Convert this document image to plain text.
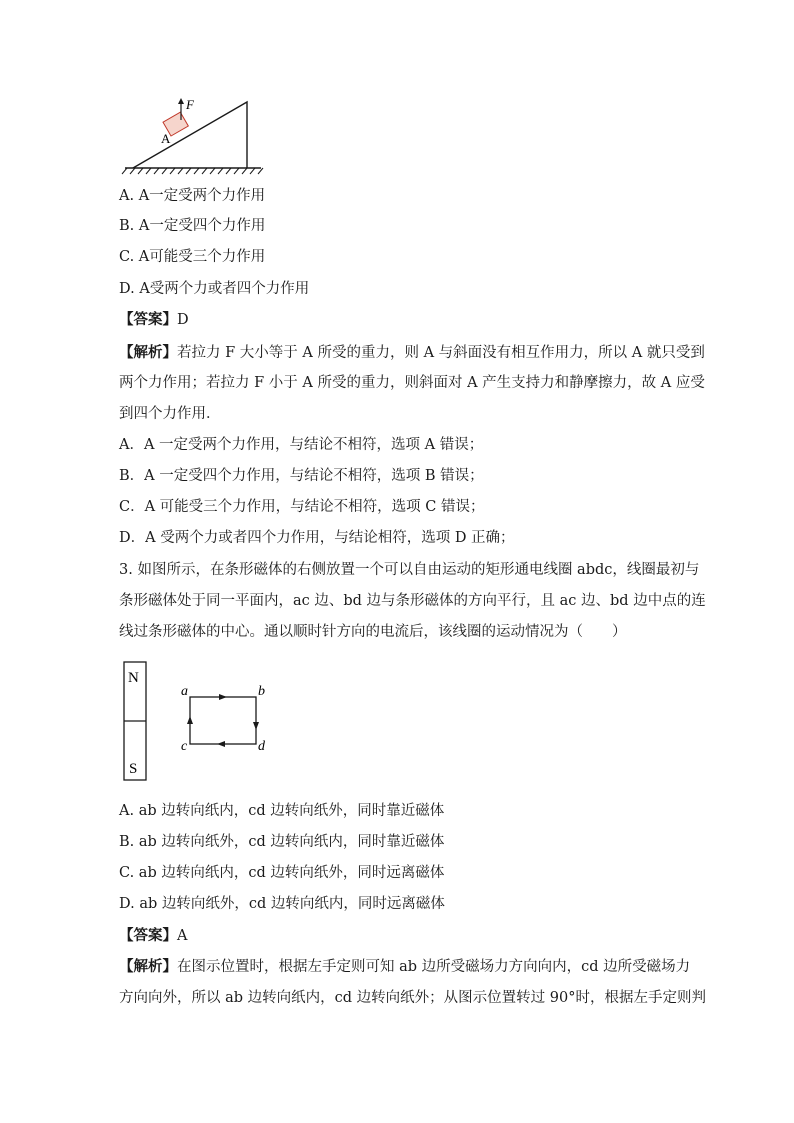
F
A
A. A一定受两个力作用
B. A一定受四个力作用
C. A可能受三个力作用
D. A受两个力或者四个力作用
【答案】D
【解析】若拉力 F 大小等于 A 所受的重力，则 A 与斜面没有相互作用力，所以 A 就只受到
两个力作用；若拉力 F 小于 A 所受的重力，则斜面对 A 产生支持力和静摩擦力，故 A 应受
到四个力作用．
A．A 一定受两个力作用，与结论不相符，选项 A 错误；
B．A 一定受四个力作用，与结论不相符，选项 B 错误；
C．A 可能受三个力作用，与结论不相符，选项 C 错误；
D．A 受两个力或者四个力作用，与结论相符，选项 D 正确；
3. 如图所示，在条形磁体的右侧放置一个可以自由运动的矩形通电线圈 abdc，线圈最初与
条形磁体处于同一平面内，ac 边、bd 边与条形磁体的方向平行，且 ac 边、bd 边中点的连
线过条形磁体的中心。通以顺时针方向的电流后，该线圈的运动情况为（　　）
N
S
a	b
c	d
A. ab 边转向纸内，cd 边转向纸外，同时靠近磁体
B. ab 边转向纸外，cd 边转向纸内，同时靠近磁体
C. ab 边转向纸内，cd 边转向纸外，同时远离磁体
D. ab 边转向纸外，cd 边转向纸内，同时远离磁体
【答案】A
【解析】在图示位置时，根据左手定则可知 ab 边所受磁场力方向向内，cd 边所受磁场力
方向向外，所以 ab 边转向纸内，cd 边转向纸外；从图示位置转过 90°时，根据左手定则判
